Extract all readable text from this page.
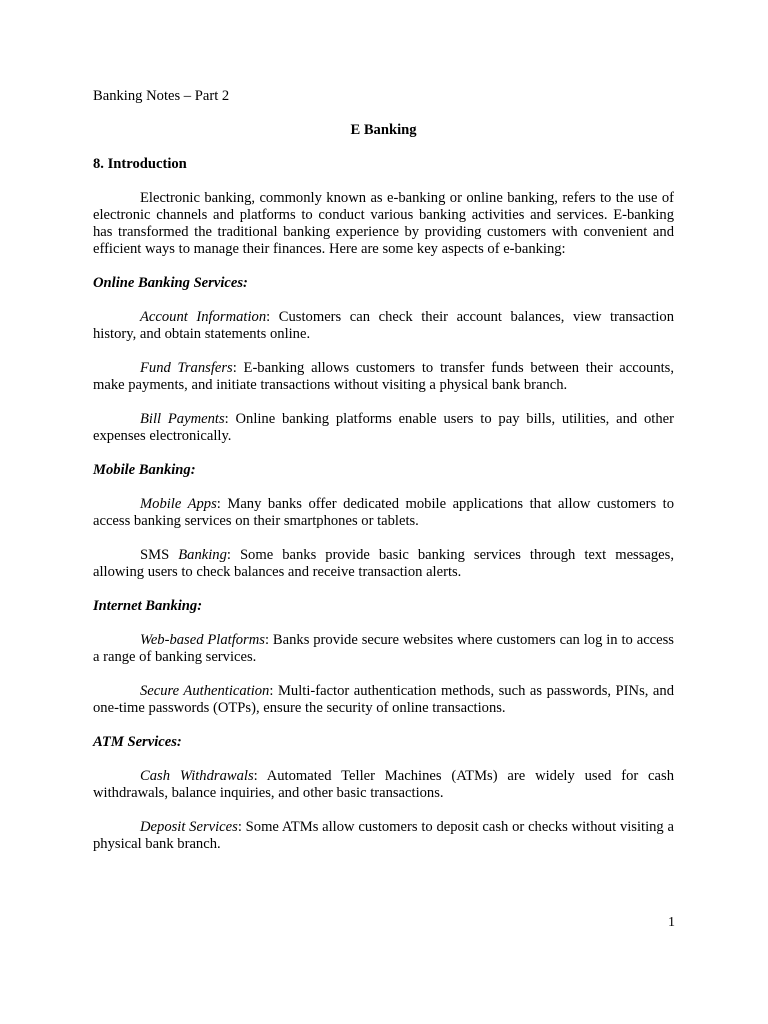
Banking Notes – Part 2

E Banking

8. Introduction

Electronic banking, commonly known as e-banking or online banking, refers to the use of electronic channels and platforms to conduct various banking activities and services. E-banking has transformed the traditional banking experience by providing customers with convenient and efficient ways to manage their finances. Here are some key aspects of e-banking:

Online Banking Services:

Account Information: Customers can check their account balances, view transaction history, and obtain statements online.

Fund Transfers: E-banking allows customers to transfer funds between their accounts, make payments, and initiate transactions without visiting a physical bank branch.

Bill Payments: Online banking platforms enable users to pay bills, utilities, and other expenses electronically.

Mobile Banking:

Mobile Apps: Many banks offer dedicated mobile applications that allow customers to access banking services on their smartphones or tablets.

SMS Banking: Some banks provide basic banking services through text messages, allowing users to check balances and receive transaction alerts.

Internet Banking:

Web-based Platforms: Banks provide secure websites where customers can log in to access a range of banking services.

Secure Authentication: Multi-factor authentication methods, such as passwords, PINs, and one-time passwords (OTPs), ensure the security of online transactions.

ATM Services:

Cash Withdrawals: Automated Teller Machines (ATMs) are widely used for cash withdrawals, balance inquiries, and other basic transactions.

Deposit Services: Some ATMs allow customers to deposit cash or checks without visiting a physical bank branch.

1
